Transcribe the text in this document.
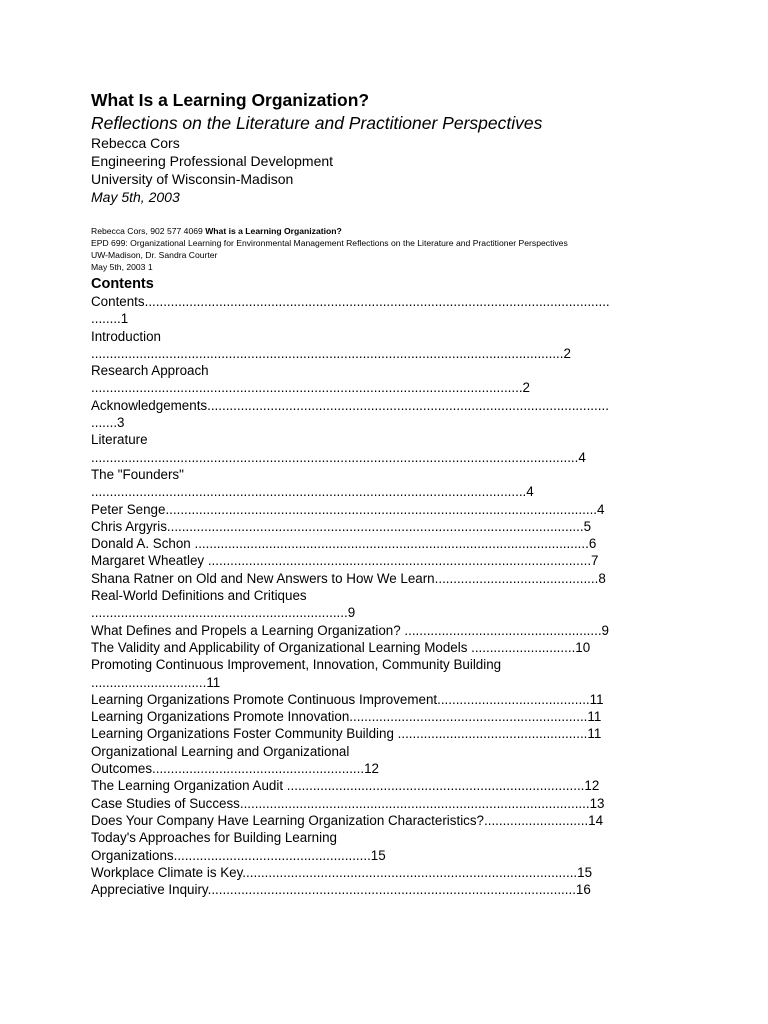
What Is a Learning Organization?

Reflections on the Literature and Practitioner Perspectives

Rebecca Cors

Engineering Professional Development

University of Wisconsin-Madison

May 5th, 2003

Rebecca Cors, 902 577 4069 What is a Learning Organization?

EPD 699: Organizational Learning for Environmental Management Reflections on the Literature and Practitioner Perspectives

UW-Madison, Dr. Sandra Courter

May 5th, 2003 1

Contents

Contents.............................................................................................................................

........1

Introduction

...............................................................................................................................2

Research Approach

....................................................................................................................2

Acknowledgements............................................................................................................

.......3

Literature

...................................................................................................................................4

The "Founders"

.....................................................................................................................4

Peter Senge....................................................................................................................4

Chris Argyris................................................................................................................5

Donald A. Schon ..........................................................................................................6

Margaret Wheatley .......................................................................................................7

Shana Ratner on Old and New Answers to How We Learn............................................8

Real-World Definitions and Critiques

.....................................................................9

What Defines and Propels a Learning Organization? .....................................................9

The Validity and Applicability of Organizational Learning Models ............................10

Promoting Continuous Improvement, Innovation, Community Building

...............................11

Learning Organizations Promote Continuous Improvement.........................................11

Learning Organizations Promote Innovation................................................................11

Learning Organizations Foster Community Building ...................................................11

Organizational Learning and Organizational

Outcomes.........................................................12

The Learning Organization Audit ................................................................................12

Case Studies of Success..............................................................................................13

Does Your Company Have Learning Organization Characteristics?............................14

Today's Approaches for Building Learning

Organizations.....................................................15

Workplace Climate is Key..........................................................................................15

Appreciative Inquiry...................................................................................................16
